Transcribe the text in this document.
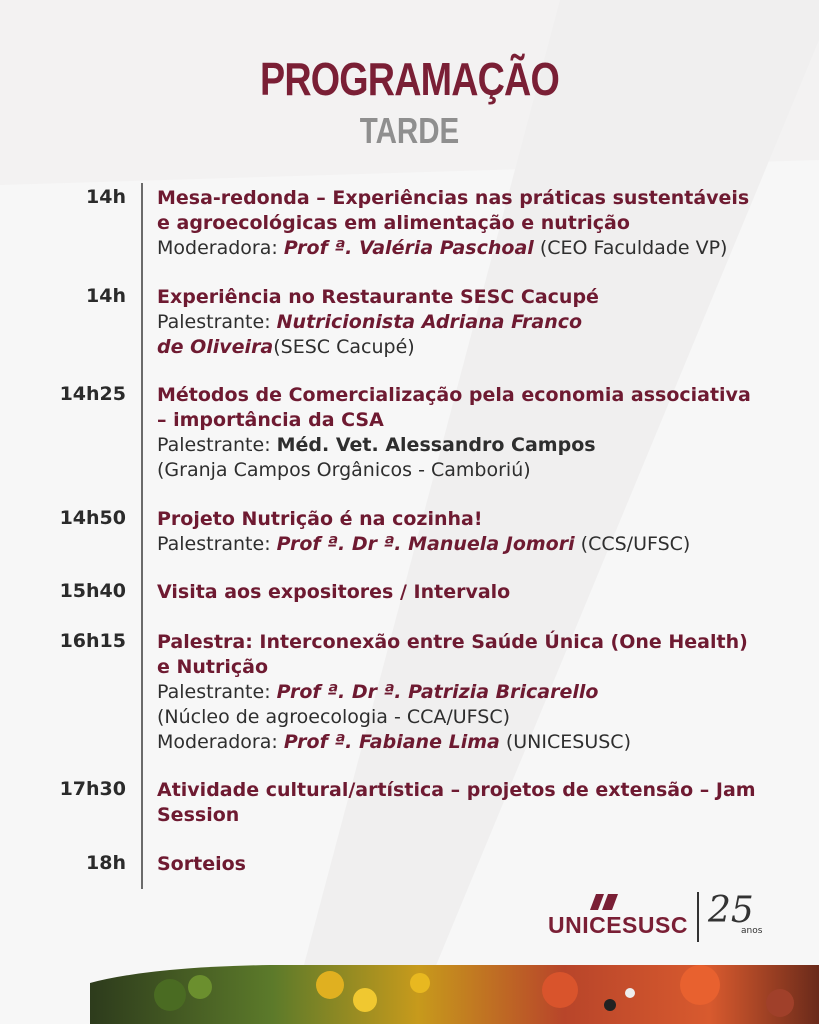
PROGRAMAÇÃO
TARDE
14h Mesa-redonda – Experiências nas práticas sustentáveis
e agroecológicas em alimentação e nutrição
Moderadora: Prof ª. Valéria Paschoal (CEO Faculdade VP)
14h Experiência no Restaurante SESC Cacupé
Palestrante: Nutricionista Adriana Franco
de Oliveira(SESC Cacupé)
14h25 Métodos de Comercialização pela economia associativa
– importância da CSA
Palestrante: Méd. Vet. Alessandro Campos
(Granja Campos Orgânicos - Camboriú)
14h50 Projeto Nutrição é na cozinha!
Palestrante: Prof ª. Dr ª. Manuela Jomori (CCS/UFSC)
15h40 Visita aos expositores / Intervalo
16h15 Palestra: Interconexão entre Saúde Única (One Health)
e Nutrição
Palestrante: Prof ª. Dr ª. Patrizia Bricarello
(Núcleo de agroecologia - CCA/UFSC)
Moderadora: Prof ª. Fabiane Lima (UNICESUSC)
17h30 Atividade cultural/artística – projetos de extensão – Jam
Session
18h Sorteios
UNICESUSC 25
anos
